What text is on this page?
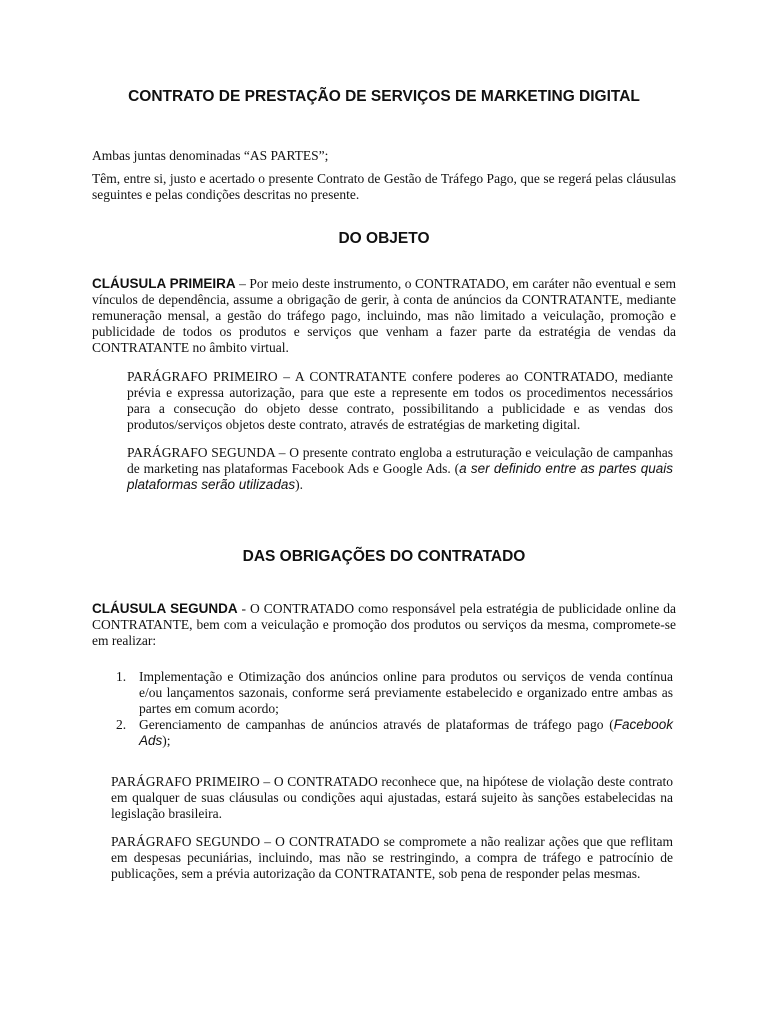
CONTRATO DE PRESTAÇÃO DE SERVIÇOS DE MARKETING DIGITAL

Ambas juntas denominadas “AS PARTES”;

Têm, entre si, justo e acertado o presente Contrato de Gestão de Tráfego Pago, que se regerá pelas cláusulas seguintes e pelas condições descritas no presente.

DO OBJETO

CLÁUSULA PRIMEIRA – Por meio deste instrumento, o CONTRATADO, em caráter não eventual e sem vínculos de dependência, assume a obrigação de gerir, à conta de anúncios da CONTRATANTE, mediante remuneração mensal, a gestão do tráfego pago, incluindo, mas não limitado a veiculação, promoção e publicidade de todos os produtos e serviços que venham a fazer parte da estratégia de vendas da CONTRATANTE no âmbito virtual.

PARÁGRAFO PRIMEIRO – A CONTRATANTE confere poderes ao CONTRATADO, mediante prévia e expressa autorização, para que este a represente em todos os procedimentos necessários para a consecução do objeto desse contrato, possibilitando a publicidade e as vendas dos produtos/serviços objetos deste contrato, através de estratégias de marketing digital.

PARÁGRAFO SEGUNDA – O presente contrato engloba a estruturação e veiculação de campanhas de marketing nas plataformas Facebook Ads e Google Ads. (a ser definido entre as partes quais plataformas serão utilizadas).

DAS OBRIGAÇÕES DO CONTRATADO

CLÁUSULA SEGUNDA - O CONTRATADO como responsável pela estratégia de publicidade online da CONTRATANTE, bem com a veiculação e promoção dos produtos ou serviços da mesma, compromete-se em realizar:

1. Implementação e Otimização dos anúncios online para produtos ou serviços de venda contínua e/ou lançamentos sazonais, conforme será previamente estabelecido e organizado entre ambas as partes em comum acordo;
2. Gerenciamento de campanhas de anúncios através de plataformas de tráfego pago (Facebook Ads);

PARÁGRAFO PRIMEIRO – O CONTRATADO reconhece que, na hipótese de violação deste contrato em qualquer de suas cláusulas ou condições aqui ajustadas, estará sujeito às sanções estabelecidas na legislação brasileira.

PARÁGRAFO SEGUNDO – O CONTRATADO se compromete a não realizar ações que que reflitam em despesas pecuniárias, incluindo, mas não se restringindo, a compra de tráfego e patrocínio de publicações, sem a prévia autorização da CONTRATANTE, sob pena de responder pelas mesmas.
